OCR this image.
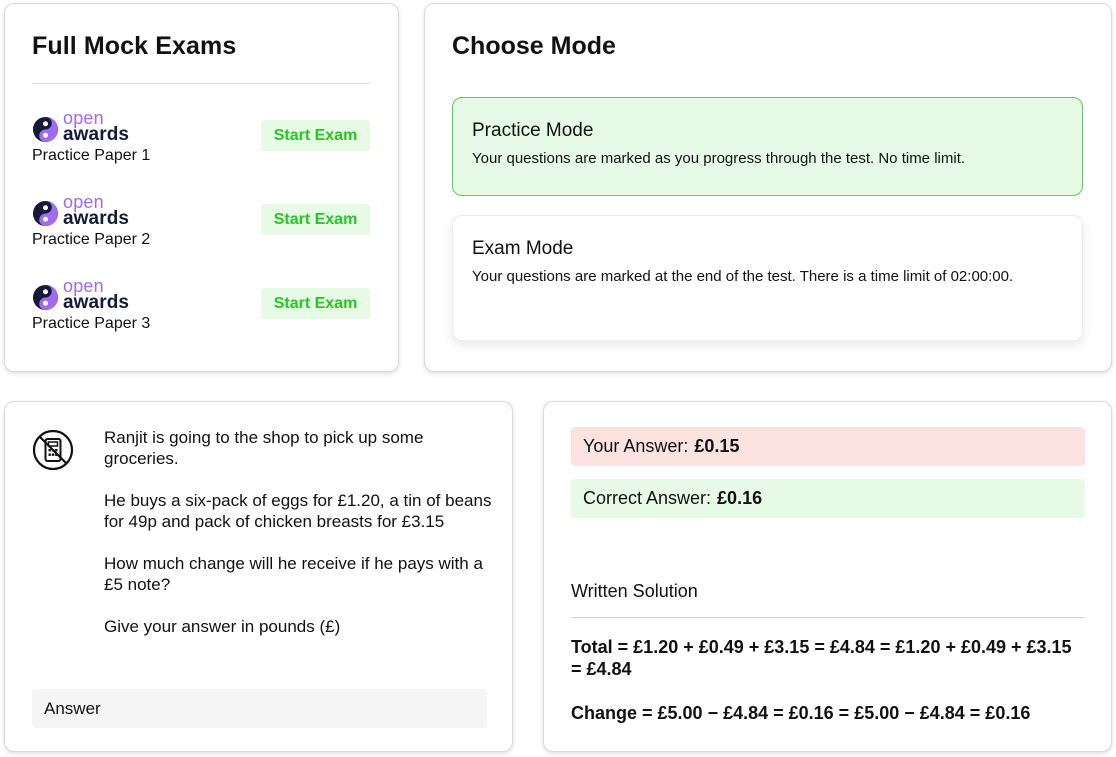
Full Mock Exams
open
awards
Practice Paper 1
Start Exam
open
awards
Practice Paper 2
Start Exam
open
awards
Practice Paper 3
Start Exam
Choose Mode
Practice Mode
Your questions are marked as you progress through the test. No time limit.
Exam Mode
Your questions are marked at the end of the test. There is a time limit of 02:00:00.

Ranjit is going to the shop to pick up some groceries.

He buys a six-pack of eggs for £1.20, a tin of beans for 49p and pack of chicken breasts for £3.15

How much change will he receive if he pays with a £5 note?

Give your answer in pounds (£)

Answer
Your Answer: £0.15
Correct Answer: £0.16
Written Solution
Total = £1.20 + £0.49 + £3.15 = £4.84 = £1.20 + £0.49 + £3.15 = £4.84
Change = £5.00 − £4.84 = £0.16 = £5.00 − £4.84 = £0.16
